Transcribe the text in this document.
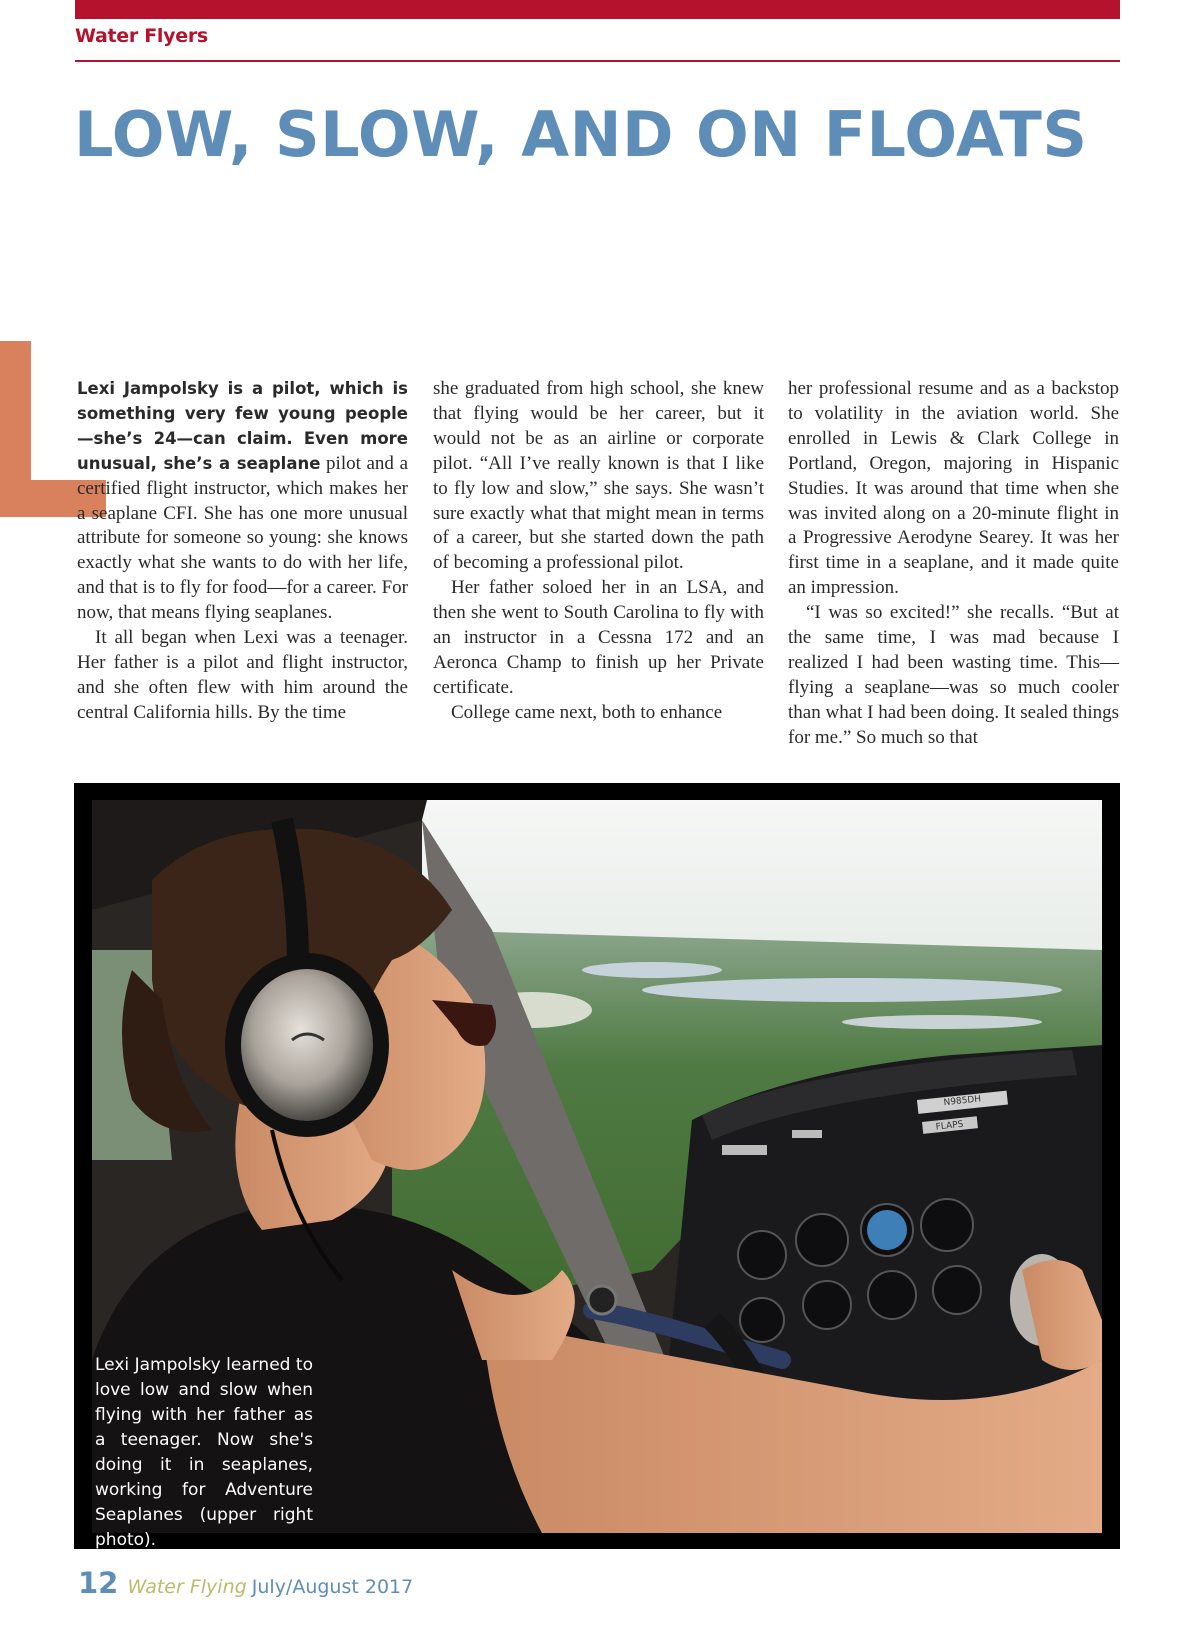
Water Flyers
LOW, SLOW, AND ON FLOATS

Lexi Jampolsky is a pilot, which is something very few young people—she’s 24—can claim. Even more unusual, she’s a seaplane pilot and a certified flight instructor, which makes her a seaplane CFI. She has one more unusual attribute for someone so young: she knows exactly what she wants to do with her life, and that is to fly for food—for a career. For now, that means flying seaplanes.

It all began when Lexi was a teenager. Her father is a pilot and flight instructor, and she often flew with him around the central California hills. By the time

she graduated from high school, she knew that flying would be her career, but it would not be as an airline or corporate pilot. “All I’ve really known is that I like to fly low and slow,” she says. She wasn’t sure exactly what that might mean in terms of a career, but she started down the path of becoming a professional pilot.

Her father soloed her in an LSA, and then she went to South Carolina to fly with an instructor in a Cessna 172 and an Aeronca Champ to finish up her Private certificate.

College came next, both to enhance

her professional resume and as a backstop to volatility in the aviation world. She enrolled in Lewis & Clark College in Portland, Oregon, majoring in Hispanic Studies. It was around that time when she was invited along on a 20-minute flight in a Progressive Aerodyne Searey. It was her first time in a seaplane, and it made quite an impression.

“I was so excited!” she recalls. “But at the same time, I was mad because I realized I had been wasting time. This—flying a seaplane—was so much cooler than what I had been doing. It sealed things for me.” So much so that

N985DH
FLAPS

Lexi Jampolsky learned to love low and slow when flying with her father as a teenager. Now she's doing it in seaplanes, working for Adventure Seaplanes (upper right photo).

12 Water Flying July/August 2017
